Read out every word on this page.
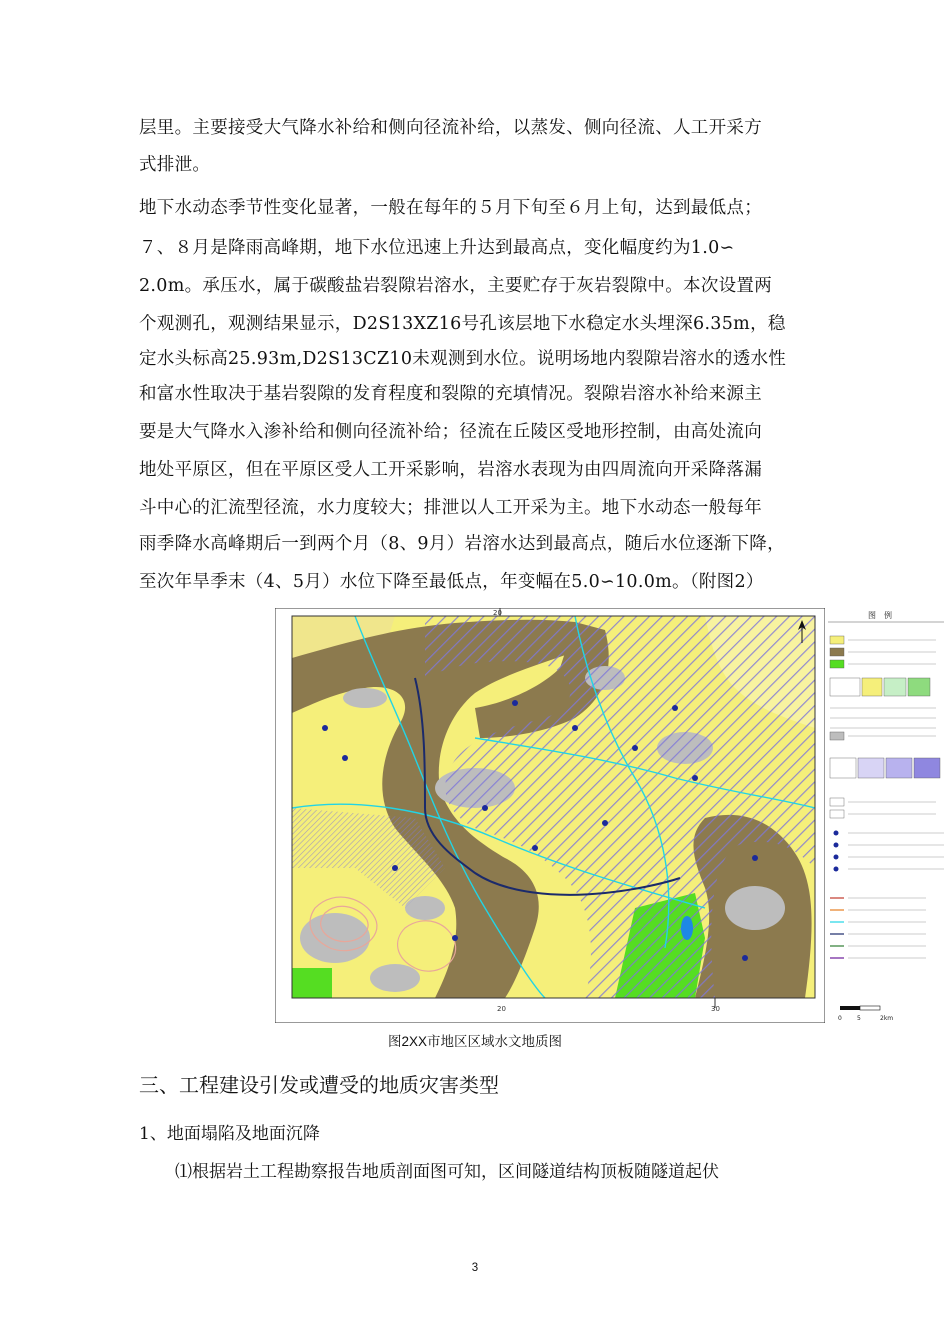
层里。主要接受大气降水补给和侧向径流补给，以蒸发、侧向径流、人工开采方
式排泄。
地下水动态季节性变化显著，一般在每年的５月下旬至６月上旬，达到最低点；
７、８月是降雨高峰期，地下水位迅速上升达到最高点，变化幅度约为1.0∽
2.0m。承压水，属于碳酸盐岩裂隙岩溶水，主要贮存于灰岩裂隙中。本次设置两
个观测孔，观测结果显示，D2S13XZ16号孔该层地下水稳定水头埋深6.35m，稳
定水头标高25.93m,D2S13CZ10未观测到水位。说明场地内裂隙岩溶水的透水性
和富水性取决于基岩裂隙的发育程度和裂隙的充填情况。裂隙岩溶水补给来源主
要是大气降水入渗补给和侧向径流补给；径流在丘陵区受地形控制，由高处流向
地处平原区，但在平原区受人工开采影响，岩溶水表现为由四周流向开采降落漏
斗中心的汇流型径流，水力度较大；排泄以人工开采为主。地下水动态一般每年
雨季降水高峰期后一到两个月（8、9月）岩溶水达到最高点，随后水位逐渐下降，
至次年旱季末（4、5月）水位下降至最低点，年变幅在5.0∽10.0m。（附图2）
20
20	30
图　例
0	5	2km
图2XX市地区区域水文地质图
三、工程建设引发或遭受的地质灾害类型
1、地面塌陷及地面沉降
⑴根据岩土工程勘察报告地质剖面图可知，区间隧道结构顶板随隧道起伏
3
